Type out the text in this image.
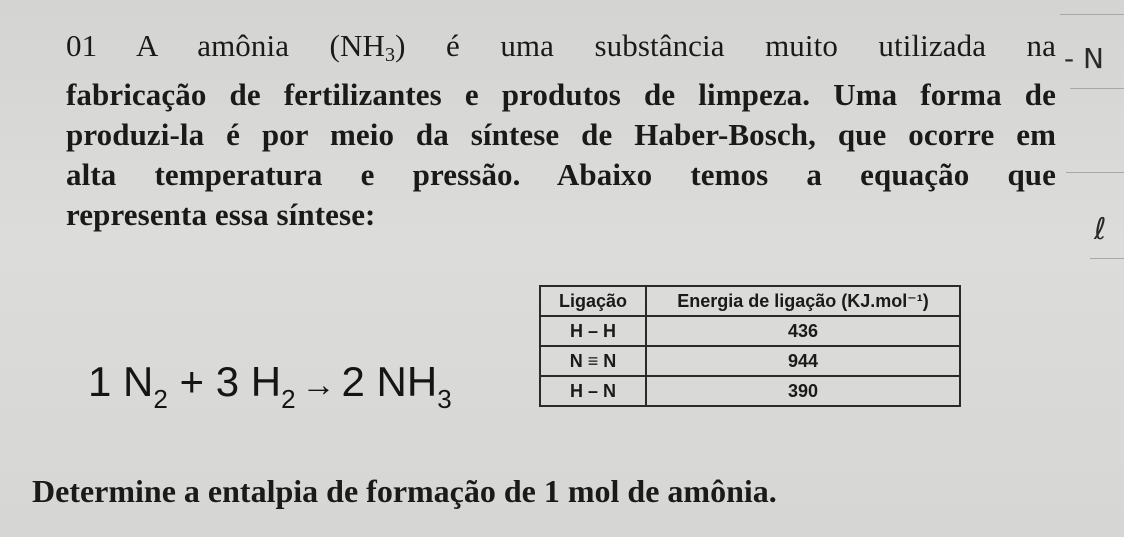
01 A amônia $(NH_3)$ é uma substância muito utilizada na
fabricação de fertilizantes e produtos de limpeza. Uma forma de
produzi-la é por meio da síntese de Haber-Bosch, que ocorre em
alta temperatura e pressão. Abaixo temos a equação que
representa essa síntese:
1 $N_2 + 3$ $H_2 \to 2$ $NH_3$
Ligação	Energia de ligação (KJ.mol⁻¹)
H – H	436
N ≡ N	944
H – N	390
Determine a entalpia de formação de 1 mol de amônia.
- N
ℓ
